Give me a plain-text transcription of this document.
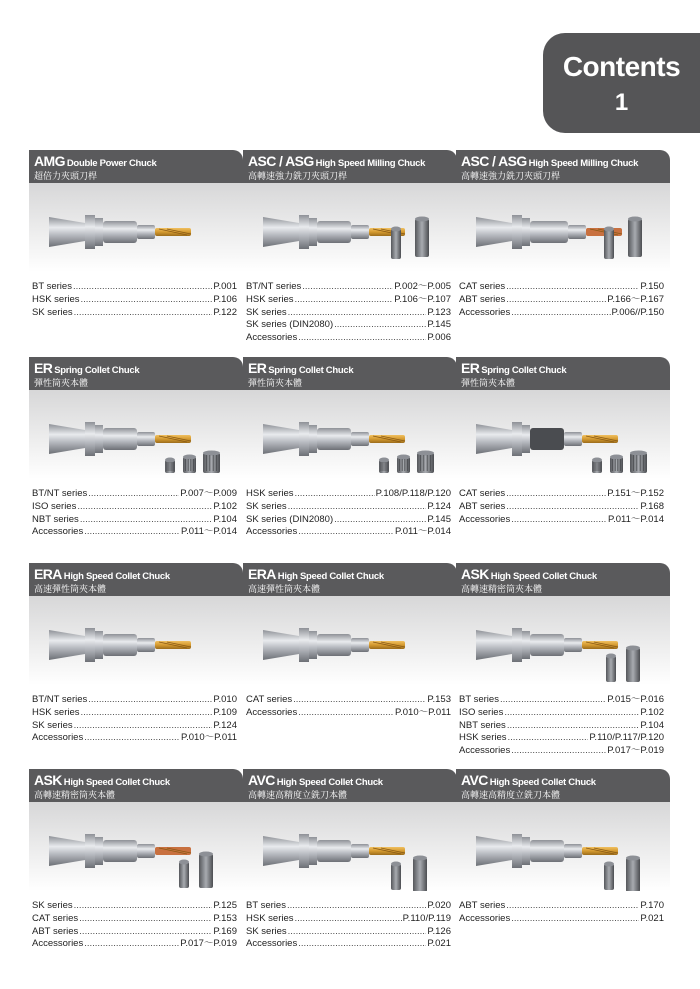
Contents
1
AMG Double Power Chuck
超倍力夾頭刀桿
BT series .....	P.001
HSK series .....	P.106
SK series .....	P.122
ASC / ASG High Speed Milling Chuck
高轉速強力銑刀夾頭刀桿
BT/NT series .....	P.002～P.005
HSK series .....	P.106～P.107
SK series .....	P.123
SK series (DIN2080) .....	P.145
Accessories .....	P.006
ASC / ASG High Speed Milling Chuck
高轉速強力銑刀夾頭刀桿
CAT series .....	P.150
ABT series .....	P.166～P.167
Accessories .....	P.006//P.150
ER Spring Collet Chuck
彈性筒夾本體
BT/NT series .....	P.007～P.009
ISO series .....	P.102
NBT series .....	P.104
Accessories .....	P.011～P.014
ER Spring Collet Chuck
彈性筒夾本體
HSK series .....	P.108/P.118/P.120
SK series .....	P.124
SK series (DIN2080) .....	P.145
Accessories .....	P.011～P.014
ER Spring Collet Chuck
彈性筒夾本體
CAT series .....	P.151～P.152
ABT series .....	P.168
Accessories .....	P.011～P.014
ERA High Speed Collet Chuck
高速彈性筒夾本體
BT/NT series .....	P.010
HSK series .....	P.109
SK series .....	P.124
Accessories .....	P.010～P.011
ERA High Speed Collet Chuck
高速彈性筒夾本體
CAT series .....	P.153
Accessories .....	P.010～P.011
ASK High Speed Collet Chuck
高轉速精密筒夾本體
BT series .....	P.015～P.016
ISO series .....	P.102
NBT series .....	P.104
HSK series .....	P.110/P.117/P.120
Accessories .....	P.017～P.019
ASK High Speed Collet Chuck
高轉速精密筒夾本體
SK series .....	P.125
CAT series .....	P.153
ABT series .....	P.169
Accessories .....	P.017～P.019
AVC High Speed Collet Chuck
高轉速高精度立銑刀本體
BT series .....	P.020
HSK series .....	P.110/P.119
SK series .....	P.126
Accessories .....	P.021
AVC High Speed Collet Chuck
高轉速高精度立銑刀本體
ABT series .....	P.170
Accessories .....	P.021
